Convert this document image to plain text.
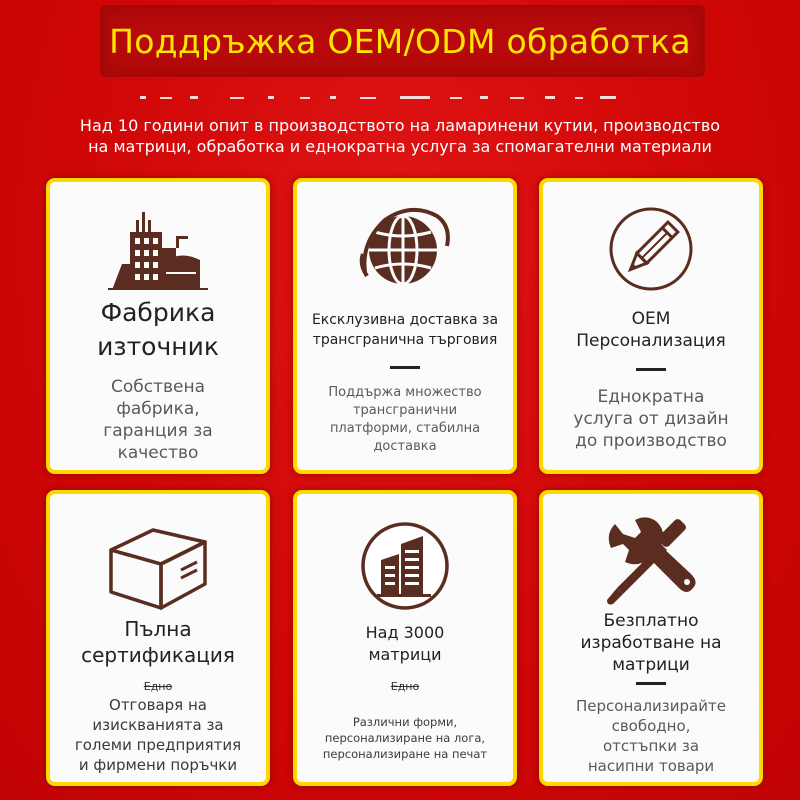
Поддръжка OEM/ODM обработка
Над 10 години опит в производството на ламаринени кутии, производство
на матрици, обработка и еднократна услуга за спомагателни материали
Фабрика
източник
Собствена
фабрика,
гаранция за
качество
Ексклузивна доставка за
трансгранична търговия
Поддържа множество
трансгранични
платформи, стабилна
доставка
OEM
Персонализация
Еднократна
услуга от дизайн
до производство
Пълна
сертификация
Едно
Отговаря на
изискванията за
големи предприятия
и фирмени поръчки
Над 3000
матрици
Едно
Различни форми,
персонализиране на лога,
персонализиране на печат
Безплатно
изработване на
матрици
Персонализирайте
свободно,
отстъпки за
насипни товари
